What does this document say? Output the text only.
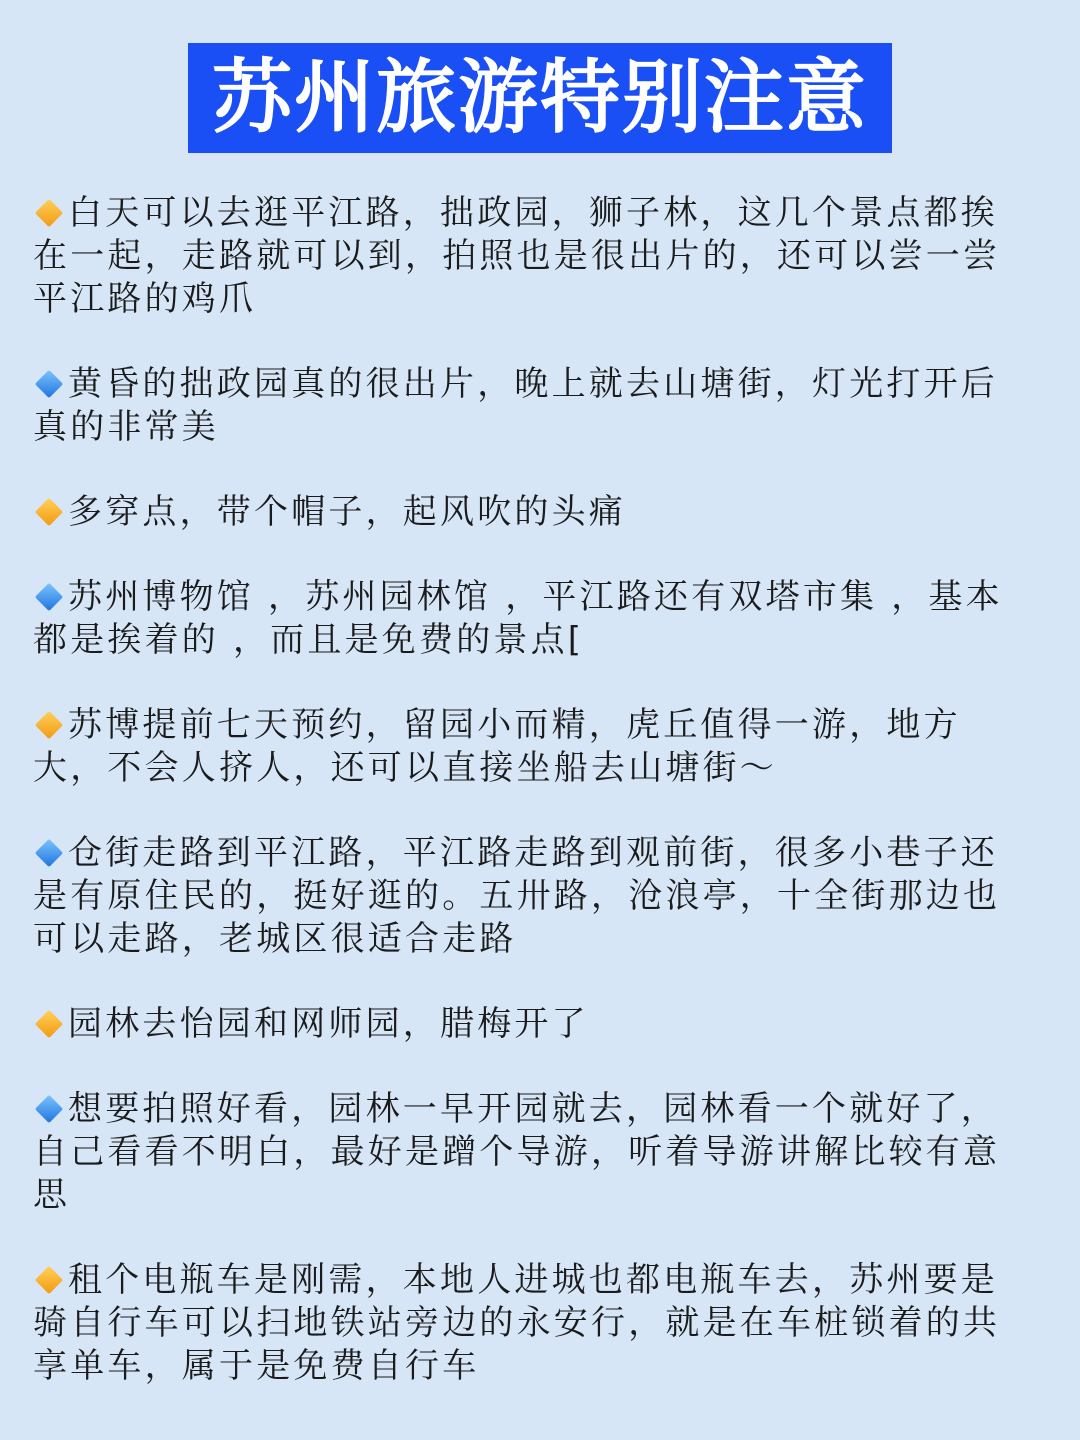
苏州旅游特别注意

白天可以去逛平江路，拙政园，狮子林，这几个景点都挨在一起，走路就可以到，拍照也是很出片的，还可以尝一尝平江路的鸡爪

黄昏的拙政园真的很出片，晚上就去山塘街，灯光打开后真的非常美

多穿点，带个帽子，起风吹的头痛

苏州博物馆 ，苏州园林馆 ，平江路还有双塔市集 ，基本都是挨着的 ，而且是免费的景点[

苏博提前七天预约，留园小而精，虎丘值得一游，地方大，不会人挤人，还可以直接坐船去山塘街～

仓街走路到平江路，平江路走路到观前街，很多小巷子还是有原住民的，挺好逛的。五卅路，沧浪亭，十全街那边也可以走路，老城区很适合走路

园林去怡园和网师园，腊梅开了

想要拍照好看，园林一早开园就去，园林看一个就好了，自己看看不明白，最好是蹭个导游，听着导游讲解比较有意思

租个电瓶车是刚需，本地人进城也都电瓶车去，苏州要是骑自行车可以扫地铁站旁边的永安行，就是在车桩锁着的共享单车，属于是免费自行车
